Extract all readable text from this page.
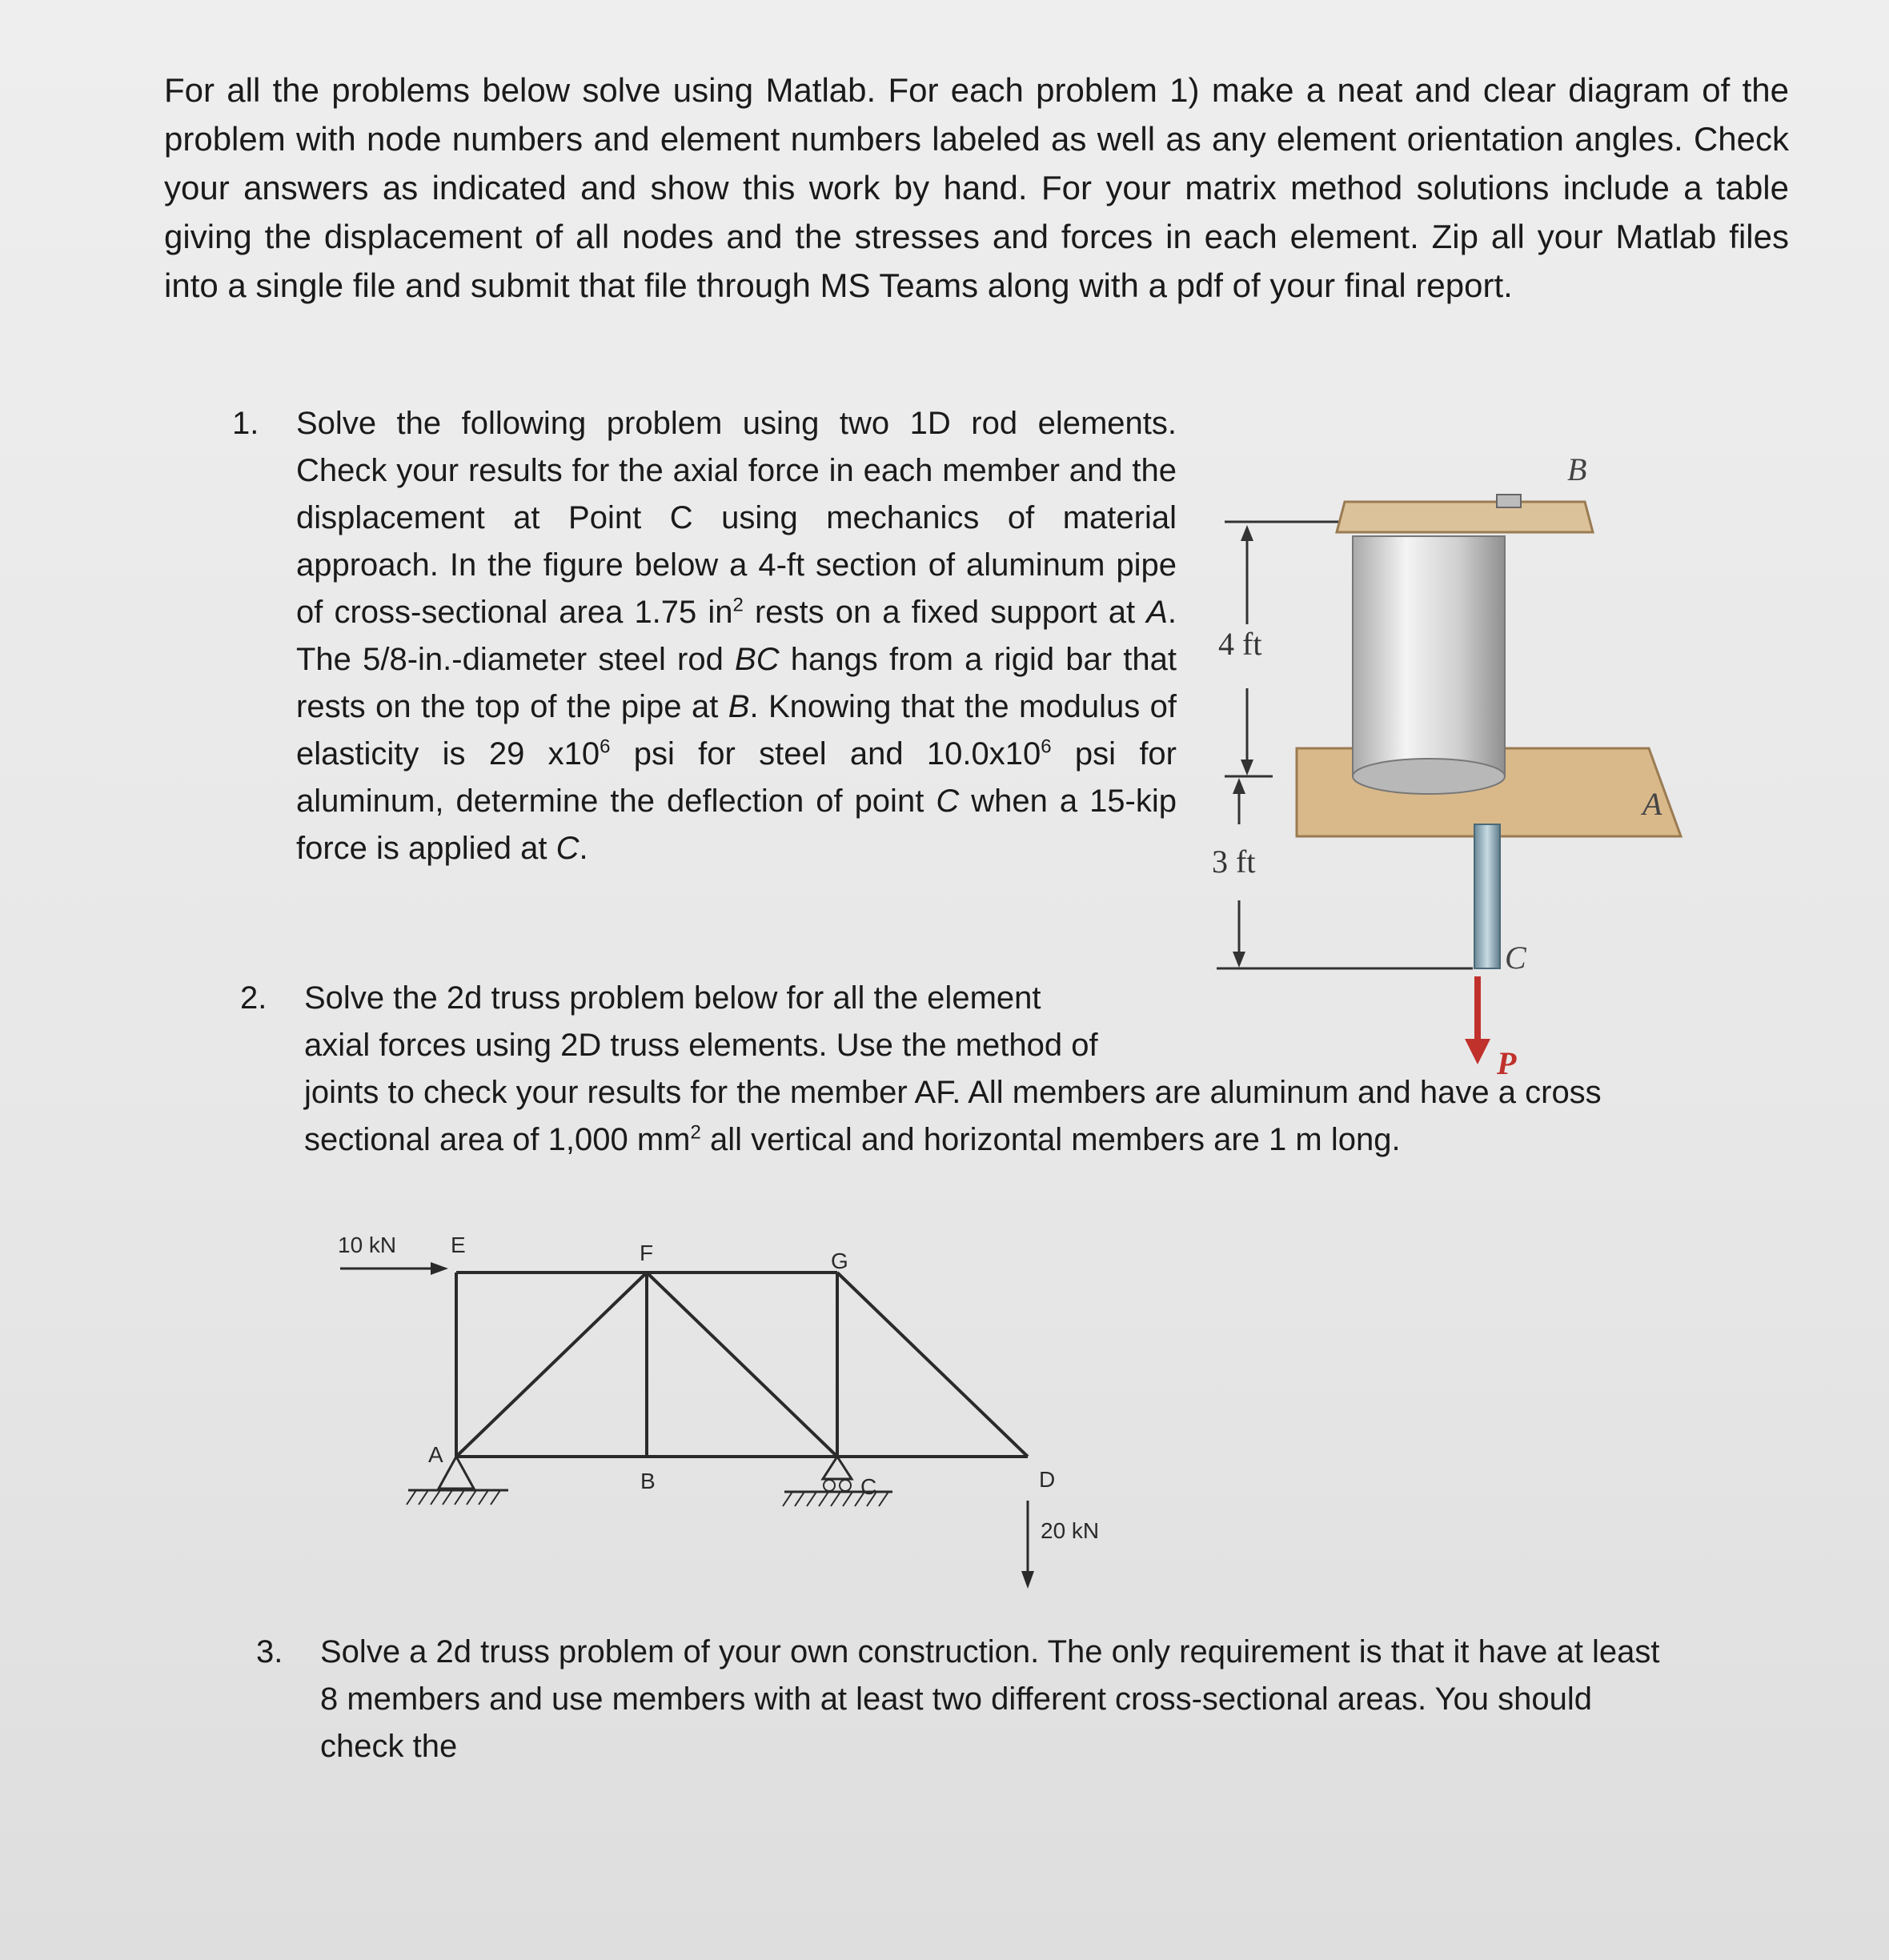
For all the problems below solve using Matlab. For each problem 1) make a neat and clear diagram of the problem with node numbers and element numbers labeled as well as any element orientation angles. Check your answers as indicated and show this work by hand. For your matrix method solutions include a table giving the displacement of all nodes and the stresses and forces in each element. Zip all your Matlab files into a single file and submit that file through MS Teams along with a pdf of your final report.
1. Solve the following problem using two 1D rod elements. Check your results for the axial force in each member and the displacement at Point C using mechanics of material approach. In the figure below a 4-ft section of aluminum pipe of cross-sectional area 1.75 $in^2$ rests on a fixed support at A. The 5/8-in.-diameter steel rod BC hangs from a rigid bar that rests on the top of the pipe at B. Knowing that the modulus of elasticity is 29 $x10^6$ psi for steel and $10.0x10^6$ psi for aluminum, determine the deflection of point C when a 15-kip force is applied at C.
4 ft
3 ft
A
B
C
P
2. Solve the 2d truss problem below for all the element
axial forces using 2D truss elements. Use the method of
joints to check your results for the member AF. All members are aluminum and have a cross sectional area of 1,000 $mm^2$ all vertical and horizontal members are 1 m long.
10 kN
20 kN
E	F	G
A
B	C	D
3. Solve a 2d truss problem of your own construction. The only requirement is that it have at least 8 members and use members with at least two different cross-sectional areas. You should check the
